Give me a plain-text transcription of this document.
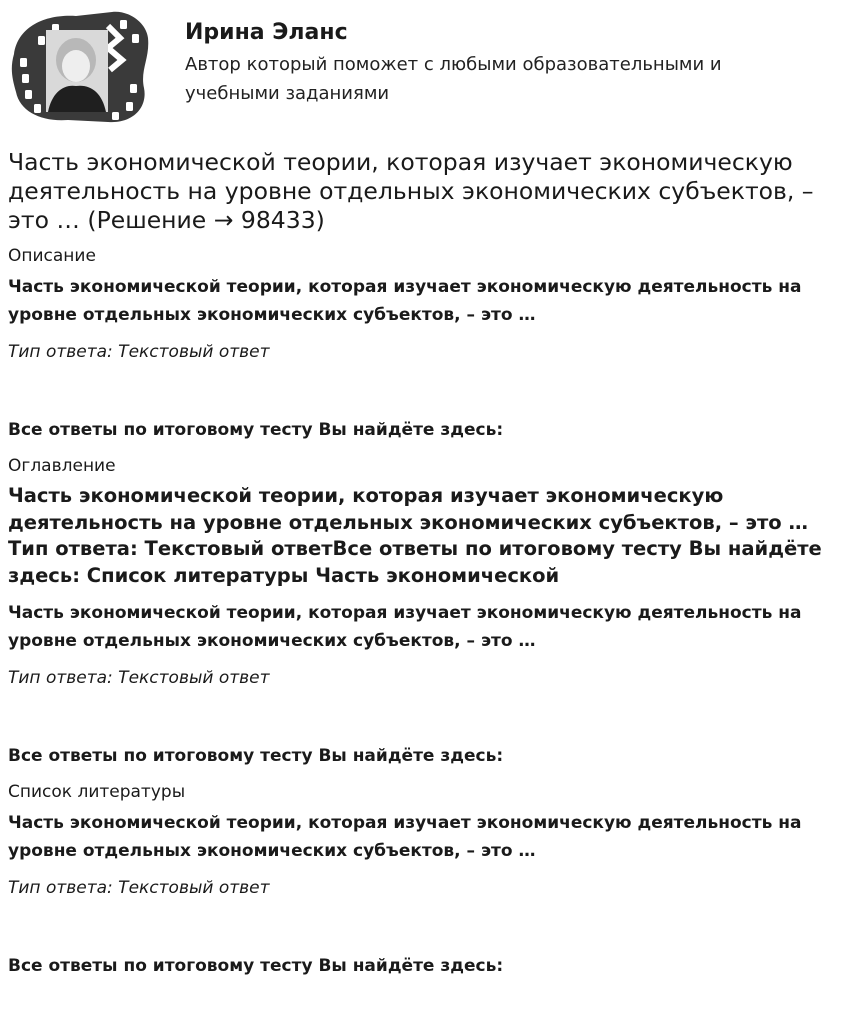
Ирина Эланс
Автор который поможет с любыми образовательными и учебными заданиями
Часть экономической теории, которая изучает экономическую деятельность на уровне отдельных экономических субъектов, – это … (Решение → 98433)
Описание

Часть экономической теории, которая изучает экономическую деятельность на уровне отдельных экономических субъектов, – это …

Тип ответа: Текстовый ответ

Все ответы по итоговому тесту Вы найдёте здесь:

Оглавление
Часть экономической теории, которая изучает экономическую деятельность на уровне отдельных экономических субъектов, – это … Тип ответа: Текстовый ответВсе ответы по итоговому тесту Вы найдёте здесь: Список литературы Часть экономической

Часть экономической теории, которая изучает экономическую деятельность на уровне отдельных экономических субъектов, – это …

Тип ответа: Текстовый ответ

Все ответы по итоговому тесту Вы найдёте здесь:

Список литературы

Часть экономической теории, которая изучает экономическую деятельность на уровне отдельных экономических субъектов, – это …

Тип ответа: Текстовый ответ

Все ответы по итоговому тесту Вы найдёте здесь:
